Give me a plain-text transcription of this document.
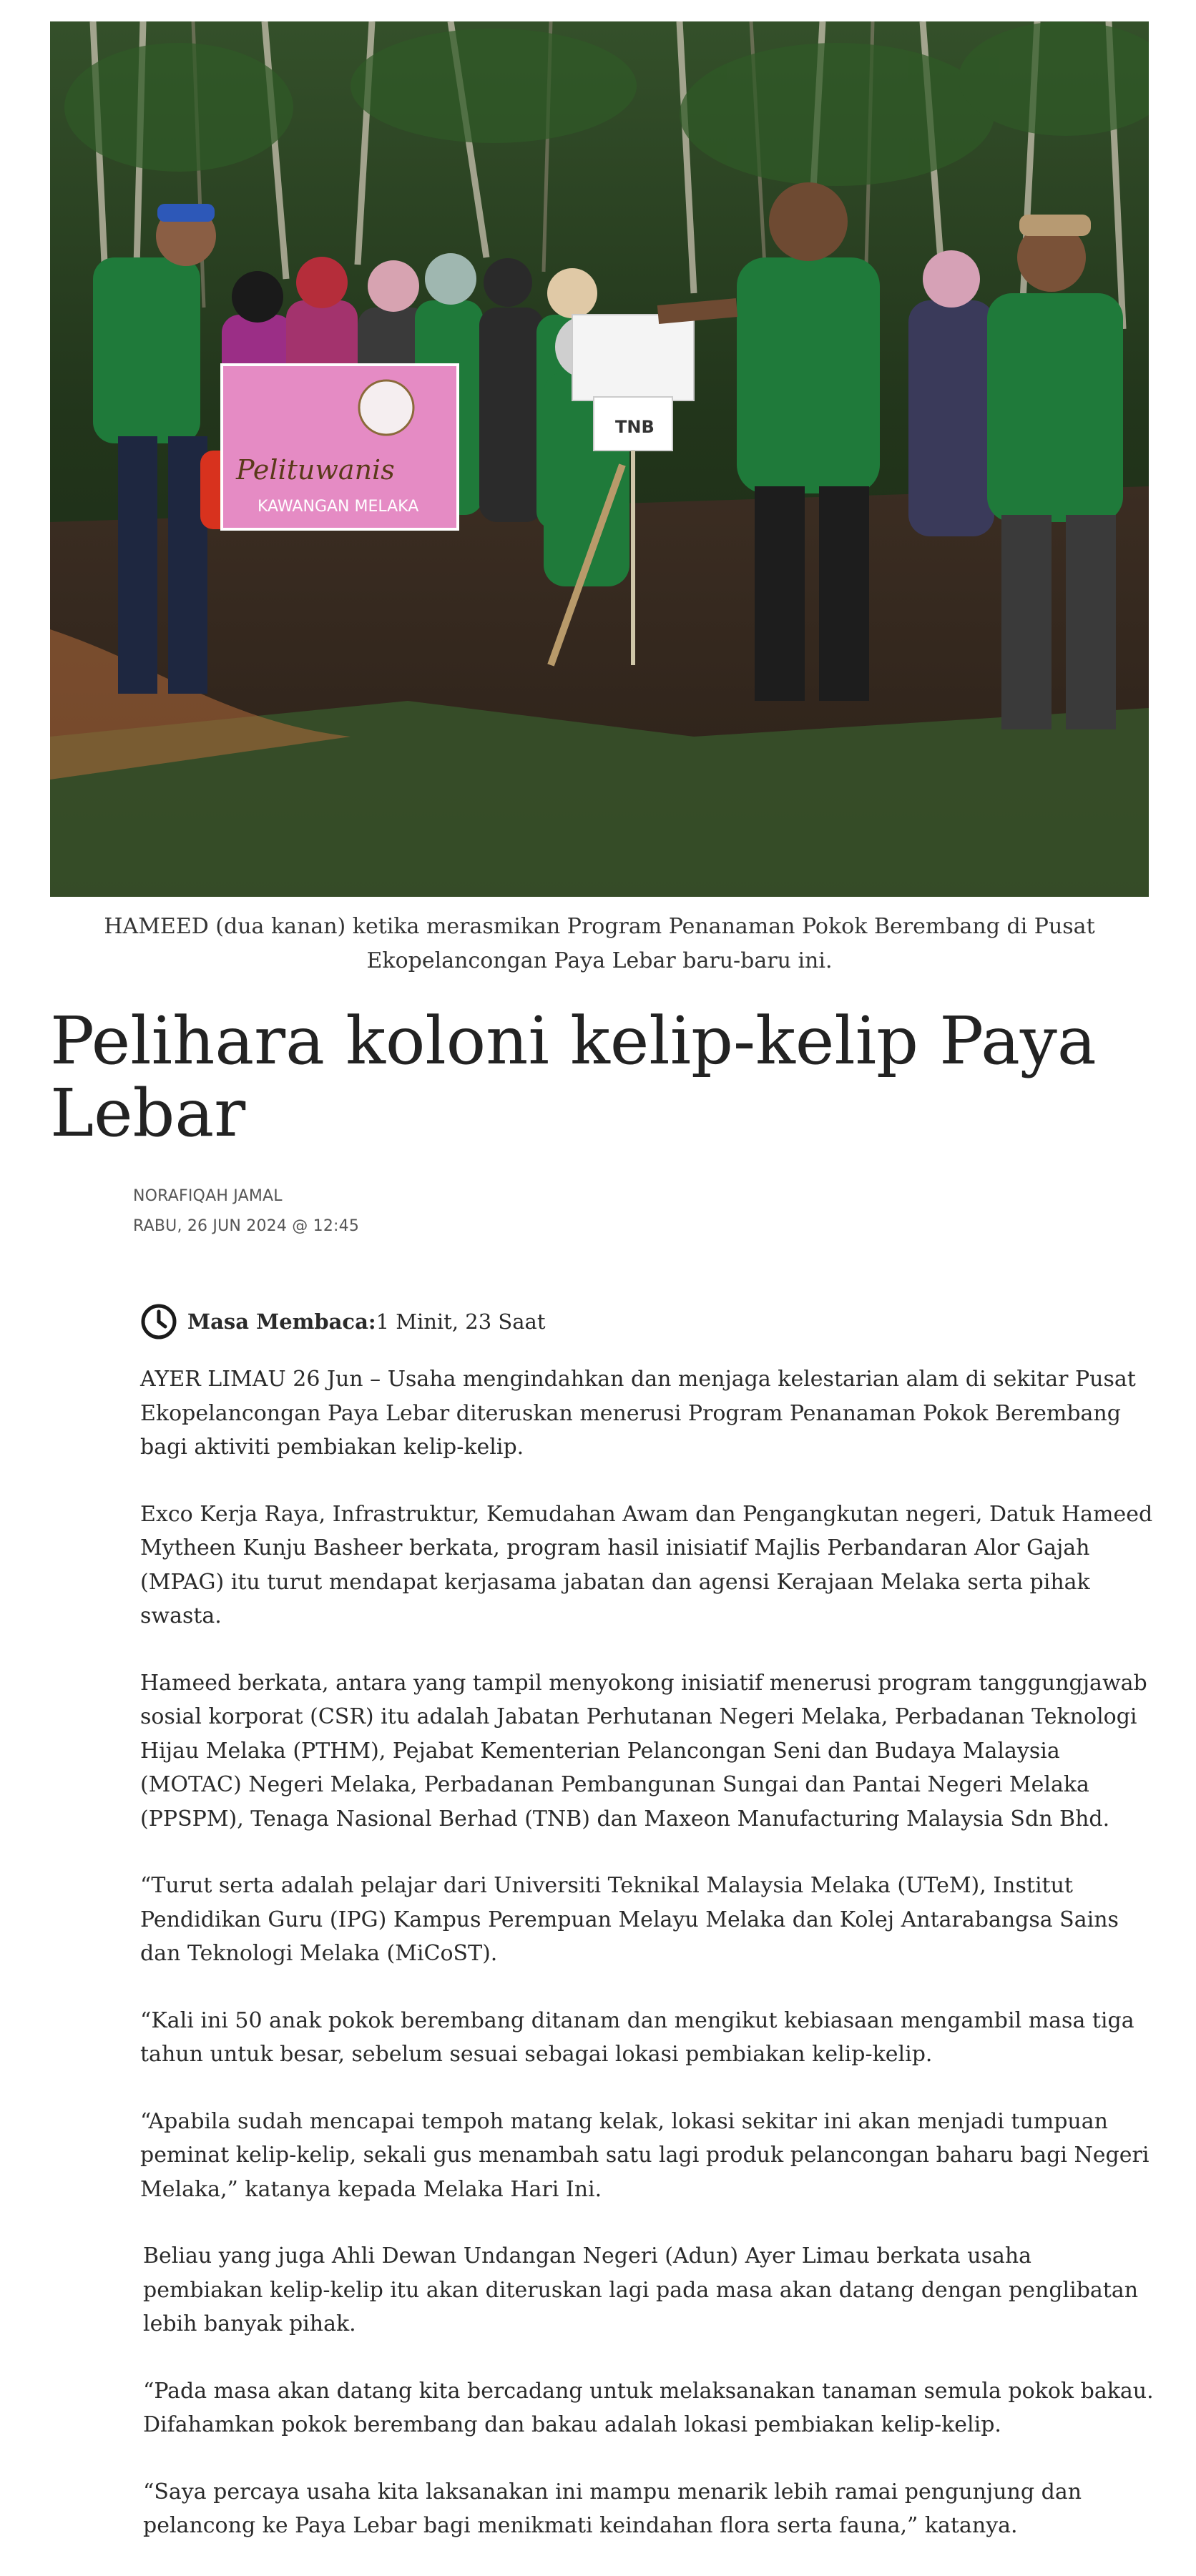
Pelituwanis
KAWANGAN MELAKA
TNB
HAMEED (dua kanan) ketika merasmikan Program Penanaman Pokok Berembang di Pusat Ekopelancongan Paya Lebar baru-baru ini.
Pelihara koloni kelip-kelip Paya Lebar
NORAFIQAH JAMAL
RABU, 26 JUN 2024 @ 12:45
Masa Membaca: 1 Minit, 23 Saat

AYER LIMAU 26 Jun – Usaha mengindahkan dan menjaga kelestarian alam di sekitar Pusat Ekopelancongan Paya Lebar diteruskan menerusi Program Penanaman Pokok Berembang bagi aktiviti pembiakan kelip-kelip.

Exco Kerja Raya, Infrastruktur, Kemudahan Awam dan Pengangkutan negeri, Datuk Hameed Mytheen Kunju Basheer berkata, program hasil inisiatif Majlis Perbandaran Alor Gajah (MPAG) itu turut mendapat kerjasama jabatan dan agensi Kerajaan Melaka serta pihak swasta.

Hameed berkata, antara yang tampil menyokong inisiatif menerusi program tanggungjawab sosial korporat (CSR) itu adalah Jabatan Perhutanan Negeri Melaka, Perbadanan Teknologi Hijau Melaka (PTHM), Pejabat Kementerian Pelancongan Seni dan Budaya Malaysia (MOTAC) Negeri Melaka, Perbadanan Pembangunan Sungai dan Pantai Negeri Melaka (PPSPM), Tenaga Nasional Berhad (TNB) dan Maxeon Manufacturing Malaysia Sdn Bhd.

“Turut serta adalah pelajar dari Universiti Teknikal Malaysia Melaka (UTeM), Institut Pendidikan Guru (IPG) Kampus Perempuan Melayu Melaka dan Kolej Antarabangsa Sains dan Teknologi Melaka (MiCoST).

“Kali ini 50 anak pokok berembang ditanam dan mengikut kebiasaan mengambil masa tiga tahun untuk besar, sebelum sesuai sebagai lokasi pembiakan kelip-kelip.

“Apabila sudah mencapai tempoh matang kelak, lokasi sekitar ini akan menjadi tumpuan peminat kelip-kelip, sekali gus menambah satu lagi produk pelancongan baharu bagi Negeri Melaka,” katanya kepada Melaka Hari Ini.

Beliau yang juga Ahli Dewan Undangan Negeri (Adun) Ayer Limau berkata usaha pembiakan kelip-kelip itu akan diteruskan lagi pada masa akan datang dengan penglibatan lebih banyak pihak.

“Pada masa akan datang kita bercadang untuk melaksanakan tanaman semula pokok bakau. Difahamkan pokok berembang dan bakau adalah lokasi pembiakan kelip-kelip.

“Saya percaya usaha kita laksanakan ini mampu menarik lebih ramai pengunjung dan pelancong ke Paya Lebar bagi menikmati keindahan flora serta fauna,” katanya.
